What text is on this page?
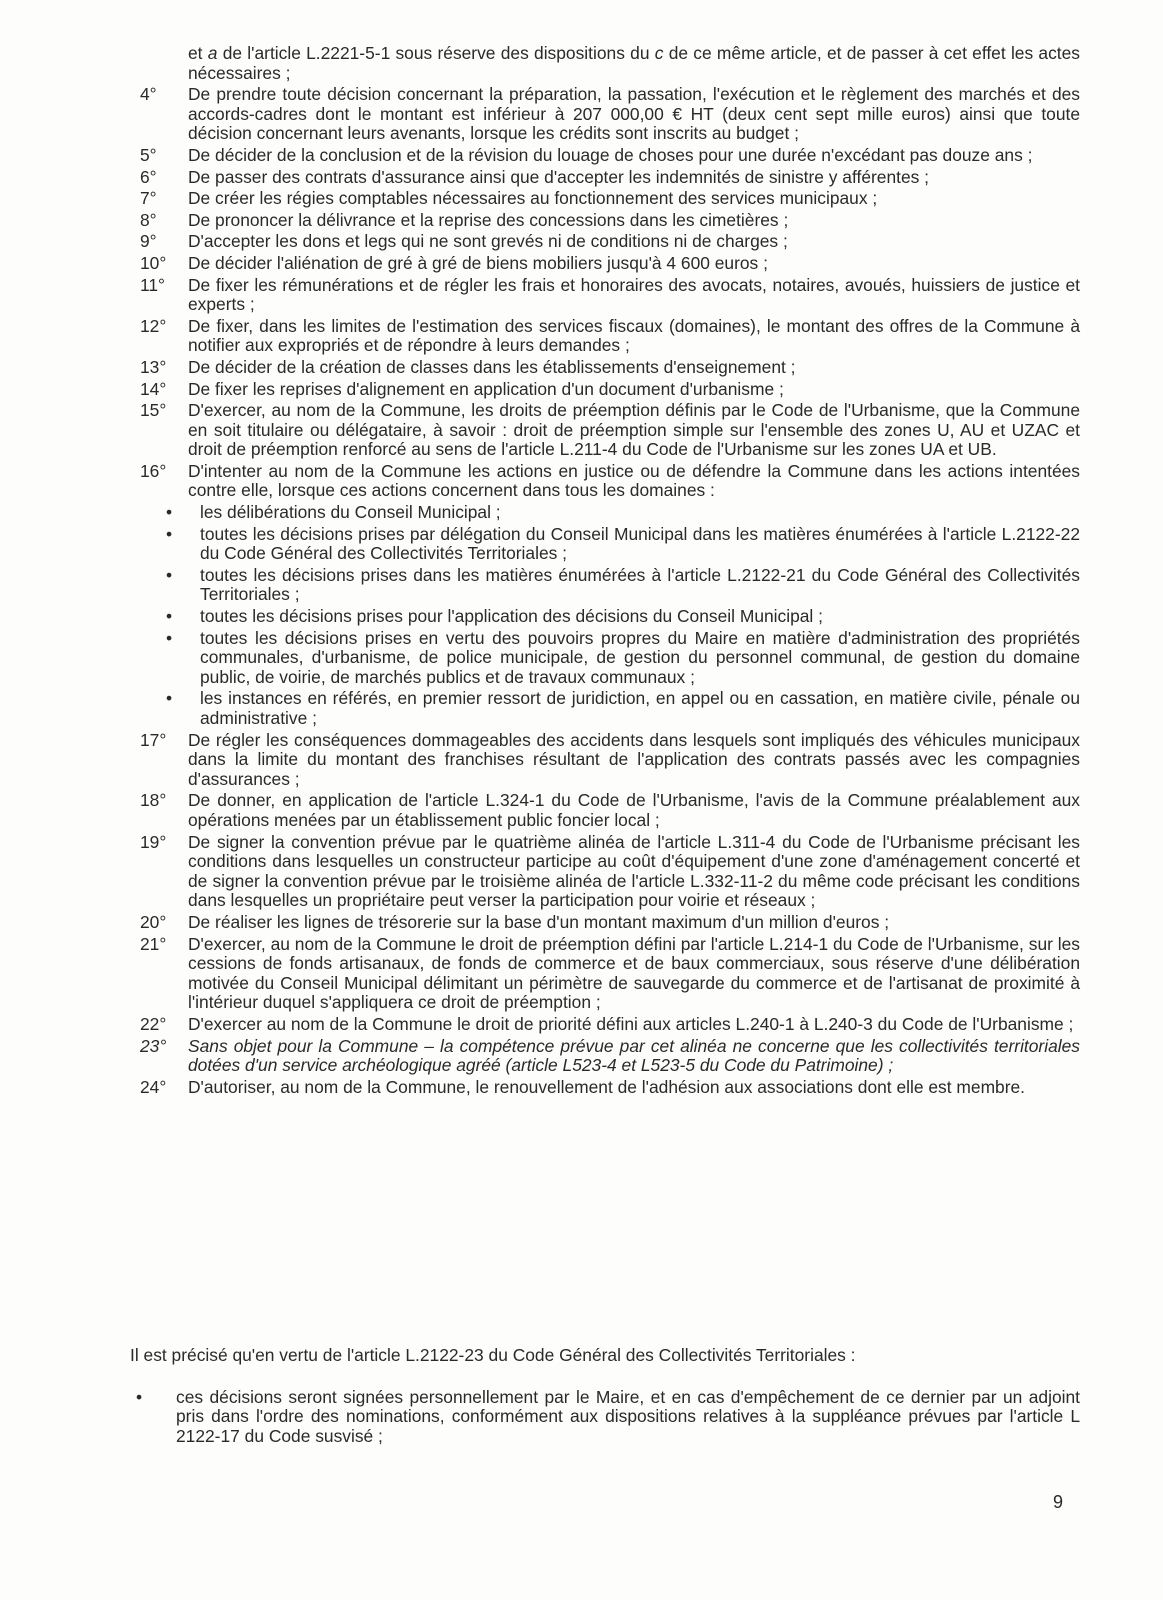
et a de l'article L.2221-5-1 sous réserve des dispositions du c de ce même article, et de passer à cet effet les actes nécessaires ;
4°	De prendre toute décision concernant la préparation, la passation, l'exécution et le règlement des marchés et des accords-cadres dont le montant est inférieur à 207 000,00 € HT (deux cent sept mille euros) ainsi que toute décision concernant leurs avenants, lorsque les crédits sont inscrits au budget ;
5°	De décider de la conclusion et de la révision du louage de choses pour une durée n'excédant pas douze ans ;
6°	De passer des contrats d'assurance ainsi que d'accepter les indemnités de sinistre y afférentes ;
7°	De créer les régies comptables nécessaires au fonctionnement des services municipaux ;
8°	De prononcer la délivrance et la reprise des concessions dans les cimetières ;
9°	D'accepter les dons et legs qui ne sont grevés ni de conditions ni de charges ;
10°	De décider l'aliénation de gré à gré de biens mobiliers jusqu'à 4 600 euros ;
11°	De fixer les rémunérations et de régler les frais et honoraires des avocats, notaires, avoués, huissiers de justice et experts ;
12°	De fixer, dans les limites de l'estimation des services fiscaux (domaines), le montant des offres de la Commune à notifier aux expropriés et de répondre à leurs demandes ;
13°	De décider de la création de classes dans les établissements d'enseignement ;
14°	De fixer les reprises d'alignement en application d'un document d'urbanisme ;
15°	D'exercer, au nom de la Commune, les droits de préemption définis par le Code de l'Urbanisme, que la Commune en soit titulaire ou délégataire, à savoir : droit de préemption simple sur l'ensemble des zones U, AU et UZAC et droit de préemption renforcé au sens de l'article L.211-4 du Code de l'Urbanisme sur les zones UA et UB.
16°	D'intenter au nom de la Commune les actions en justice ou de défendre la Commune dans les actions intentées contre elle, lorsque ces actions concernent dans tous les domaines :
•	les délibérations du Conseil Municipal ;
•	toutes les décisions prises par délégation du Conseil Municipal dans les matières énumérées à l'article L.2122-22 du Code Général des Collectivités Territoriales ;
•	toutes les décisions prises dans les matières énumérées à l'article L.2122-21 du Code Général des Collectivités Territoriales ;
•	toutes les décisions prises pour l'application des décisions du Conseil Municipal ;
•	toutes les décisions prises en vertu des pouvoirs propres du Maire en matière d'administration des propriétés communales, d'urbanisme, de police municipale, de gestion du personnel communal, de gestion du domaine public, de voirie, de marchés publics et de travaux communaux ;
•	les instances en référés, en premier ressort de juridiction, en appel ou en cassation, en matière civile, pénale ou administrative ;
17°	De régler les conséquences dommageables des accidents dans lesquels sont impliqués des véhicules municipaux dans la limite du montant des franchises résultant de l'application des contrats passés avec les compagnies d'assurances ;
18°	De donner, en application de l'article L.324-1 du Code de l'Urbanisme, l'avis de la Commune préalablement aux opérations menées par un établissement public foncier local ;
19°	De signer la convention prévue par le quatrième alinéa de l'article L.311-4 du Code de l'Urbanisme précisant les conditions dans lesquelles un constructeur participe au coût d'équipement d'une zone d'aménagement concerté et de signer la convention prévue par le troisième alinéa de l'article L.332-11-2 du même code précisant les conditions dans lesquelles un propriétaire peut verser la participation pour voirie et réseaux ;
20°	De réaliser les lignes de trésorerie sur la base d'un montant maximum d'un million d'euros ;
21°	D'exercer, au nom de la Commune le droit de préemption défini par l'article L.214-1 du Code de l'Urbanisme, sur les cessions de fonds artisanaux, de fonds de commerce et de baux commerciaux, sous réserve d'une délibération motivée du Conseil Municipal délimitant un périmètre de sauvegarde du commerce et de l'artisanat de proximité à l'intérieur duquel s'appliquera ce droit de préemption ;
22°	D'exercer au nom de la Commune le droit de priorité défini aux articles L.240-1 à L.240-3 du Code de l'Urbanisme ;
23°	Sans objet pour la Commune – la compétence prévue par cet alinéa ne concerne que les collectivités territoriales dotées d'un service archéologique agréé (article L523-4 et L523-5 du Code du Patrimoine) ;
24°	D'autoriser, au nom de la Commune, le renouvellement de l'adhésion aux associations dont elle est membre.
Il est précisé qu'en vertu de l'article L.2122-23 du Code Général des Collectivités Territoriales :
•	ces décisions seront signées personnellement par le Maire, et en cas d'empêchement de ce dernier par un adjoint pris dans l'ordre des nominations, conformément aux dispositions relatives à la suppléance prévues par l'article L 2122-17 du Code susvisé ;
9
